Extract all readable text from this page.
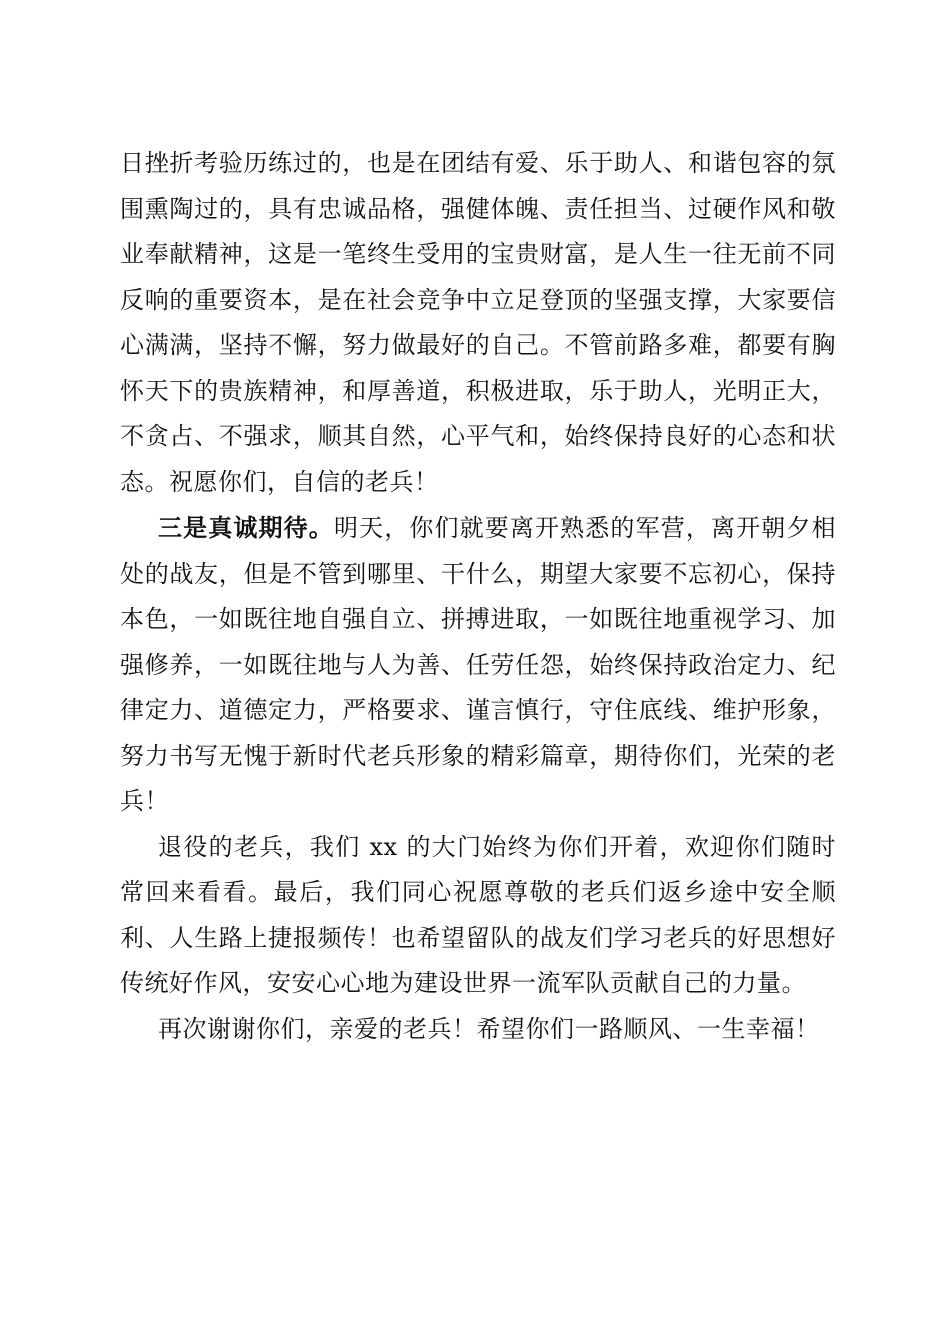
日挫折考验历练过的，也是在团结有爱、乐于助人、和谐包容的氛围熏陶过的，具有忠诚品格，强健体魄、责任担当、过硬作风和敬业奉献精神，这是一笔终生受用的宝贵财富，是人生一往无前不同反响的重要资本，是在社会竞争中立足登顶的坚强支撑，大家要信心满满，坚持不懈，努力做最好的自己。不管前路多难，都要有胸怀天下的贵族精神，和厚善道，积极进取，乐于助人，光明正大，不贪占、不强求，顺其自然，心平气和，始终保持良好的心态和状态。祝愿你们，自信的老兵！

三是真诚期待。明天，你们就要离开熟悉的军营，离开朝夕相处的战友，但是不管到哪里、干什么，期望大家要不忘初心，保持本色，一如既往地自强自立、拼搏进取，一如既往地重视学习、加强修养，一如既往地与人为善、任劳任怨，始终保持政治定力、纪律定力、道德定力，严格要求、谨言慎行，守住底线、维护形象，努力书写无愧于新时代老兵形象的精彩篇章，期待你们，光荣的老兵！

退役的老兵，我们 xx 的大门始终为你们开着，欢迎你们随时常回来看看。最后，我们同心祝愿尊敬的老兵们返乡途中安全顺利、人生路上捷报频传！也希望留队的战友们学习老兵的好思想好传统好作风，安安心心地为建设世界一流军队贡献自己的力量。

再次谢谢你们，亲爱的老兵！希望你们一路顺风、一生幸福！
